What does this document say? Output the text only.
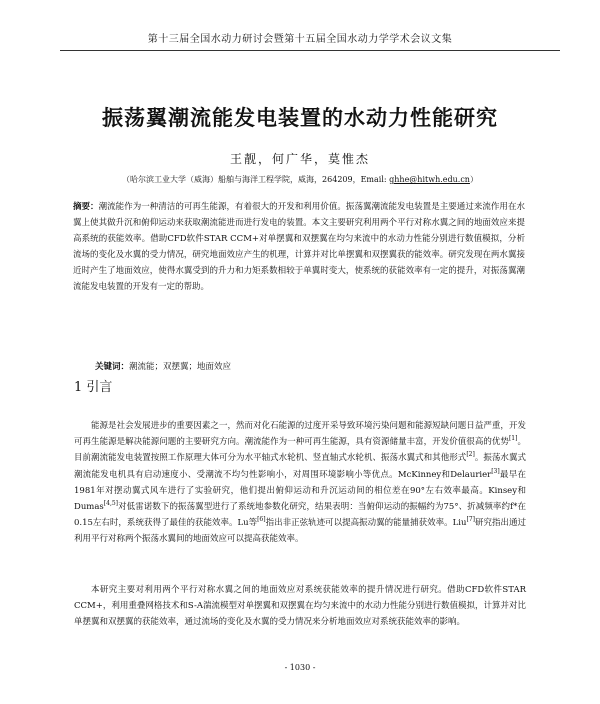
第十三届全国水动力研讨会暨第十五届全国水动力学学术会议文集
振荡翼潮流能发电装置的水动力性能研究
王靓，何广华，莫惟杰
（哈尔滨工业大学（威海）船舶与海洋工程学院，威海，264209，Email: ghhe@hitwh.edu.cn）
摘要：潮流能作为一种清洁的可再生能源，有着很大的开发和利用价值。振荡翼潮流能发电装置是主要通过来流作用在水翼上使其做升沉和俯仰运动来获取潮流能进而进行发电的装置。本文主要研究利用两个平行对称水翼之间的地面效应来提高系统的获能效率。借助CFD软件STAR CCM+对单摆翼和双摆翼在均匀来流中的水动力性能分别进行数值模拟，分析流场的变化及水翼的受力情况，研究地面效应产生的机理，计算并对比单摆翼和双摆翼获的能效率。研究发现在两水翼接近时产生了地面效应，使得水翼受到的升力和力矩系数相较于单翼时变大，使系统的获能效率有一定的提升，对振荡翼潮流能发电装置的开发有一定的帮助。
关键词：潮流能；双摆翼；地面效应
1 引言
能源是社会发展进步的重要因素之一，然而对化石能源的过度开采导致环境污染问题和能源短缺问题日益严重，开发可再生能源是解决能源问题的主要研究方向。潮流能作为一种可再生能源，具有资源储量丰富，开发价值很高的优势[1]。目前潮流能发电装置按照工作原理大体可分为水平轴式水轮机、竖直轴式水轮机、振荡水翼式和其他形式[2]。振荡水翼式潮流能发电机具有启动速度小、受潮流不均匀性影响小，对周围环境影响小等优点。McKinney和Delaurier[3]最早在1981年对摆动翼式风车进行了实验研究，他们提出俯仰运动和升沉运动间的相位差在90°左右效率最高。Kinsey和Dumas[4,5]对低雷诺数下的振荡翼型进行了系统地参数化研究，结果表明：当俯仰运动的振幅约为75°、折减频率约f*在0.15左右时，系统获得了最佳的获能效率。Lu等[6]指出非正弦轨迹可以提高振动翼的能量捕获效率。Liu[7]研究指出通过利用平行对称两个振荡水翼间的地面效应可以提高获能效率。
本研究主要对利用两个平行对称水翼之间的地面效应对系统获能效率的提升情况进行研究。借助CFD软件STAR CCM+，利用重叠网格技术和S-A湍流模型对单摆翼和双摆翼在均匀来流中的水动力性能分别进行数值模拟，计算并对比单摆翼和双摆翼的获能效率，通过流场的变化及水翼的受力情况来分析地面效应对系统获能效率的影响。
- 1030 -
